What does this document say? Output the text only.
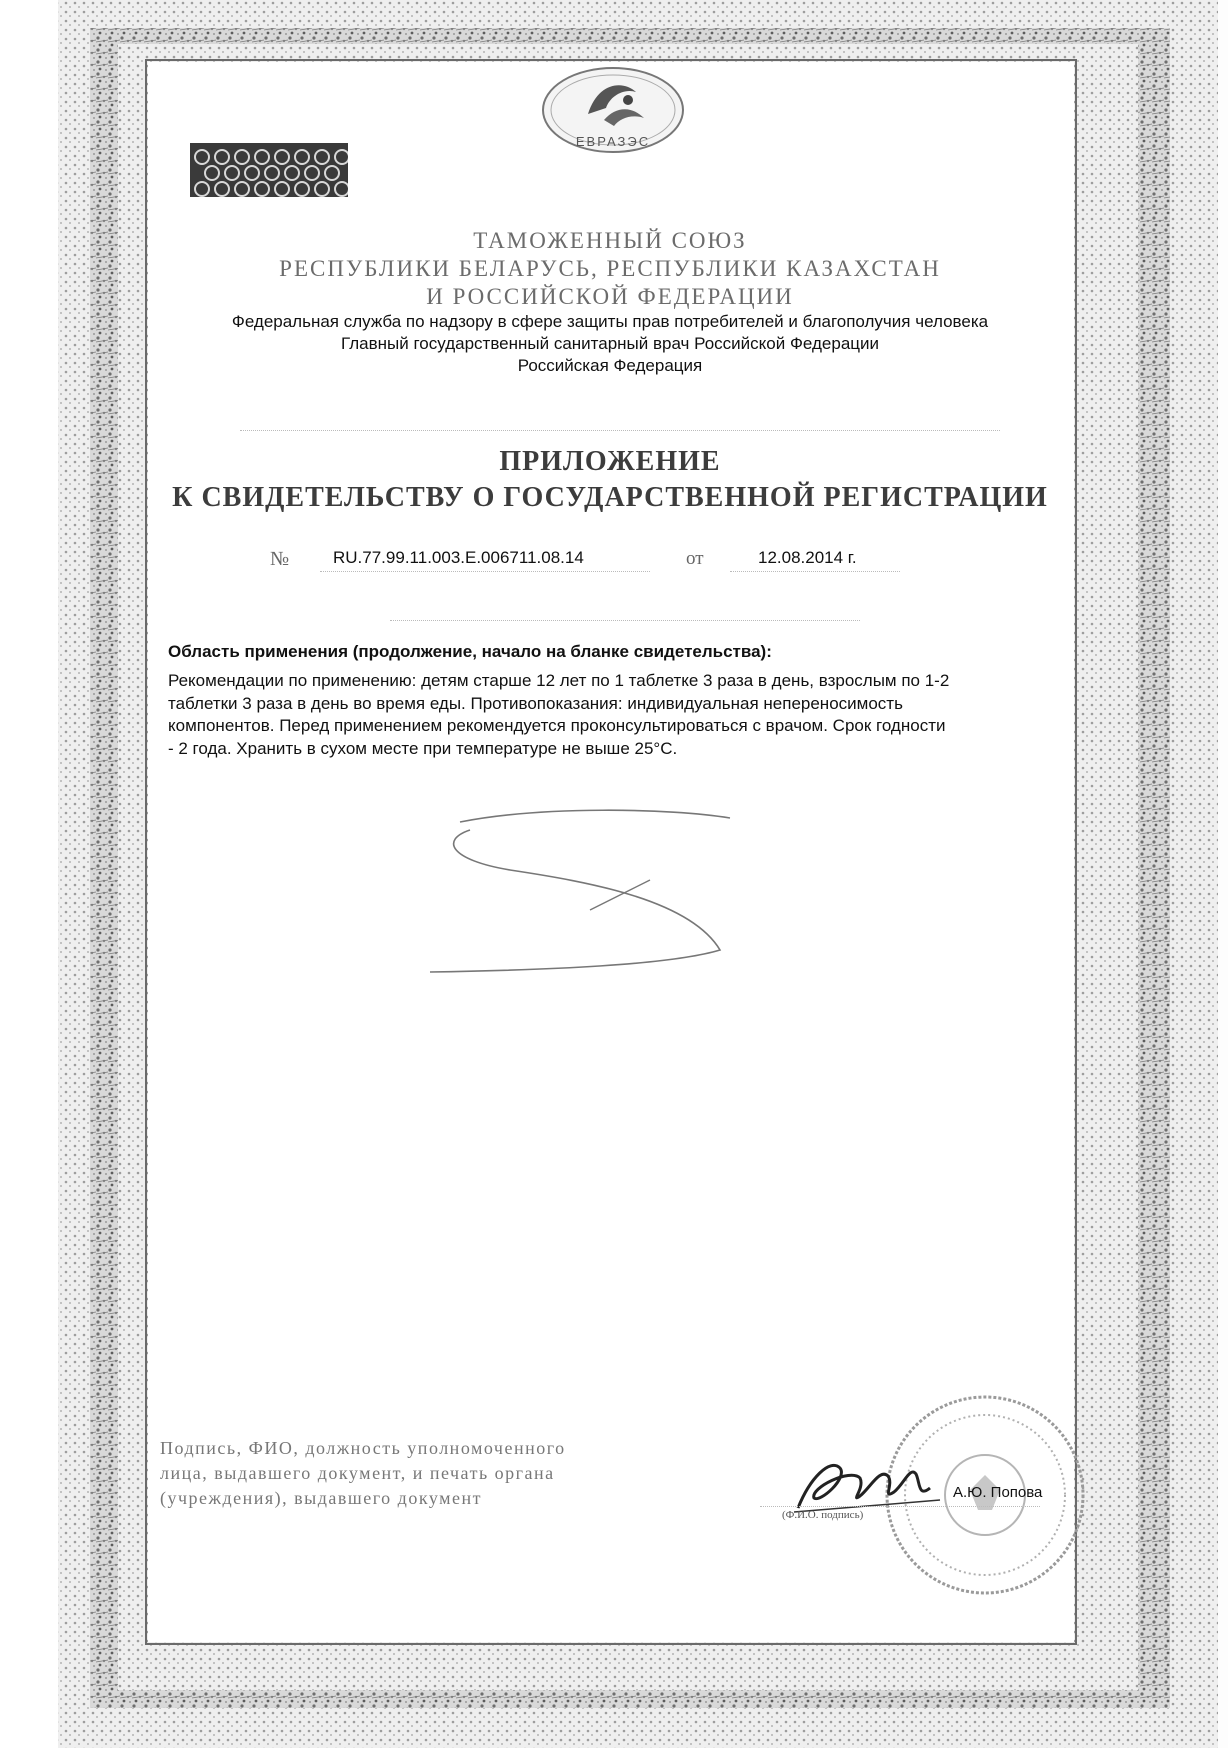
ЕВРАЗЭС
ТАМОЖЕННЫЙ СОЮЗ
РЕСПУБЛИКИ БЕЛАРУСЬ, РЕСПУБЛИКИ КАЗАХСТАН
И РОССИЙСКОЙ ФЕДЕРАЦИИ
Федеральная служба по надзору в сфере защиты прав потребителей и благополучия человека
Главный государственный санитарный врач Российской Федерации
Российская Федерация
ПРИЛОЖЕНИЕ
К СВИДЕТЕЛЬСТВУ О ГОСУДАРСТВЕННОЙ РЕГИСТРАЦИИ
№	RU.77.99.11.003.E.006711.08.14	от	12.08.2014 г.
Область применения (продолжение, начало на бланке свидетельства):
Рекомендации по применению: детям старше 12 лет по 1 таблетке 3 раза в день, взрослым по 1-2
таблетки 3 раза в день во время еды. Противопоказания: индивидуальная непереносимость
компонентов. Перед применением рекомендуется проконсультироваться с врачом. Срок годности
- 2 года. Хранить в сухом месте при температуре не выше 25°С.
Подпись, ФИО, должность уполномоченного
лица, выдавшего документ, и печать органа
(учреждения), выдавшего документ	А.Ю. Попова
(Ф.И.О. подпись)
